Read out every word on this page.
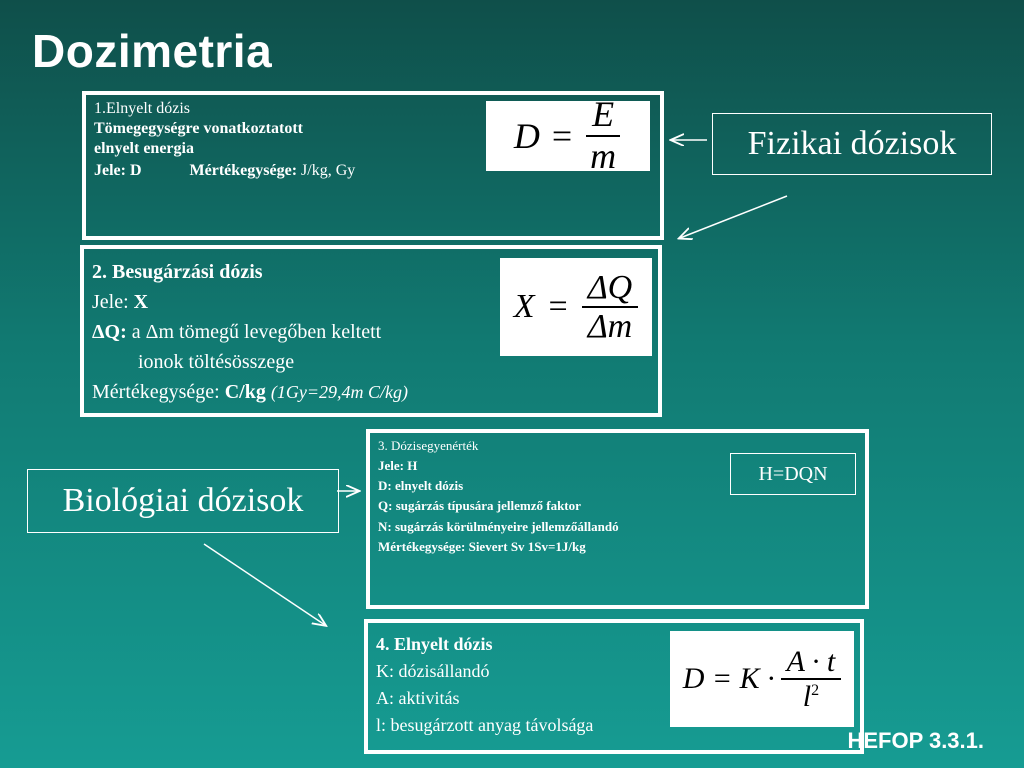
Dozimetria
1.Elnyelt dózis
Tömegegységre vonatkoztatott
elnyelt energia
Jele: D	Mértékegysége: J/kg, Gy
$D = \frac{E}{m}$	Fizikai dózisok
2. Besugárzási dózis
Jele: X
ΔQ: a Δm tömegű levegőben keltett
ionok töltésösszege
Mértékegysége: C/kg (1Gy=29,4m C/kg)
$X = \frac{\Delta Q}{\Delta m}$
3. Dózisegyenérték
Jele: H
D: elnyelt dózis
Q: sugárzás típusára jellemző faktor
N: sugárzás körülményeire jellemzőállandó
Mértékegysége: Sievert Sv 1Sv=1J/kg
H=DQN
Biológiai dózisok
4. Elnyelt dózis
K: dózisállandó
A: aktivitás
l: besugárzott anyag távolsága
$D = K \cdot \frac{A \cdot t}{l^2}$
HEFOP 3.3.1.
